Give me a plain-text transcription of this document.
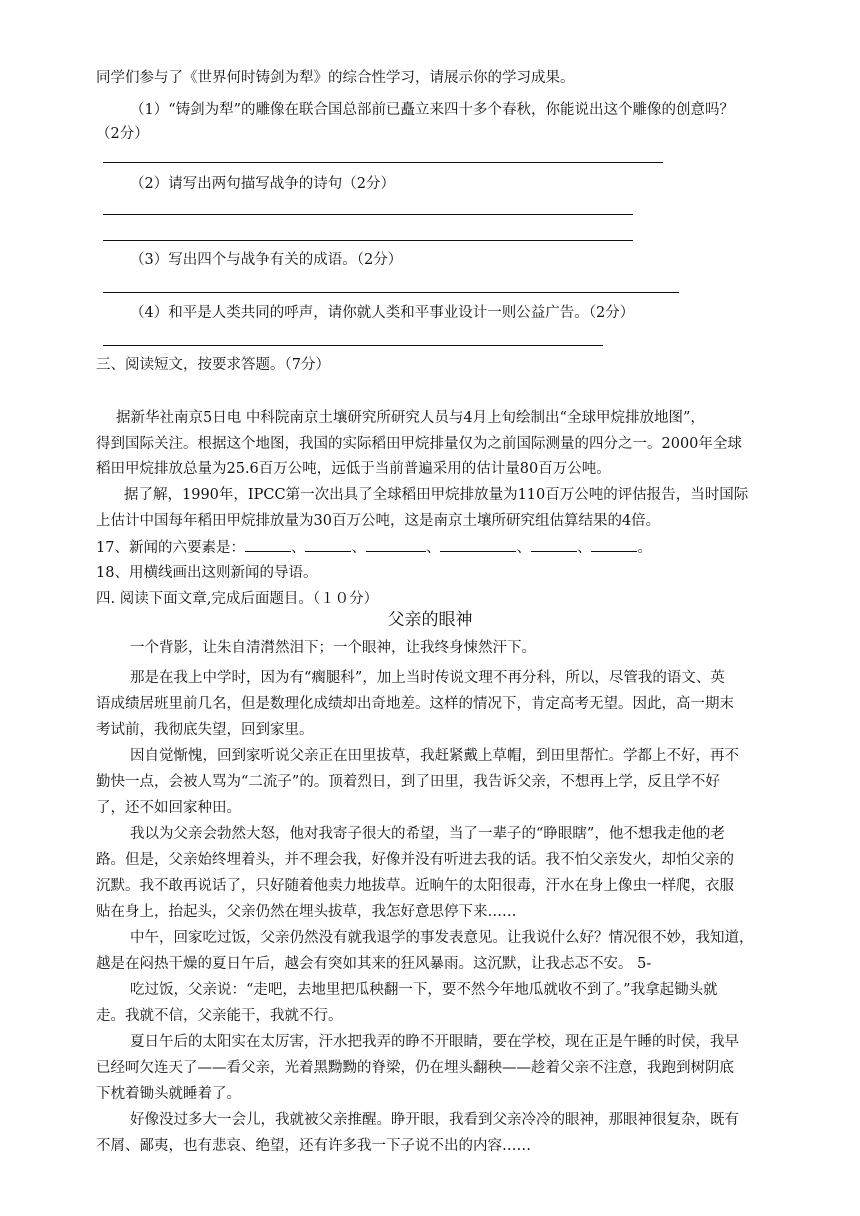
同学们参与了《世界何时铸剑为犁》的综合性学习，请展示你的学习成果。
（1）“铸剑为犁”的雕像在联合国总部前已矗立来四十多个春秋，你能说出这个雕像的创意吗？
（2分）
（2）请写出两句描写战争的诗句（2分）
（3）写出四个与战争有关的成语。（2分）
（4）和平是人类共同的呼声，请你就人类和平事业设计一则公益广告。（2分）
三、阅读短文，按要求答题。（7分）
据新华社南京5日电 中科院南京土壤研究所研究人员与4月上旬绘制出“全球甲烷排放地图”，
得到国际关注。根据这个地图，我国的实际稻田甲烷排量仅为之前国际测量的四分之一。2000年全球
稻田甲烷排放总量为25.6百万公吨，远低于当前普遍采用的估计量80百万公吨。
据了解，1990年，IPCC第一次出具了全球稻田甲烷排放量为110百万公吨的评估报告，当时国际
上估计中国每年稻田甲烷排放量为30百万公吨，这是南京土壤所研究组估算结果的4倍。
17、新闻的六要素是：	、	、	、	、	、	。
18、用横线画出这则新闻的导语。
四. 阅读下面文章,完成后面题目。（１０分）
父亲的眼神
一个背影，让朱自清潸然泪下；一个眼神，让我终身悚然汗下。
那是在我上中学时，因为有“瘸腿科”，加上当时传说文理不再分科，所以，尽管我的语文、英
语成绩居班里前几名，但是数理化成绩却出奇地差。这样的情况下，肯定高考无望。因此，高一期末
考试前，我彻底失望，回到家里。
因自觉惭愧，回到家听说父亲正在田里拔草，我赶紧戴上草帽，到田里帮忙。学都上不好，再不
勤快一点，会被人骂为“二流子”的。顶着烈日，到了田里，我告诉父亲，不想再上学，反且学不好
了，还不如回家种田。
我以为父亲会勃然大怒，他对我寄子很大的希望，当了一辈子的“睁眼瞎”，他不想我走他的老
路。但是，父亲始终埋着头，并不理会我，好像并没有听进去我的话。我不怕父亲发火，却怕父亲的
沉默。我不敢再说话了，只好随着他卖力地拔草。近晌午的太阳很毒，汗水在身上像虫一样爬，衣服
贴在身上，抬起头，父亲仍然在埋头拔草，我怎好意思停下来……
中午，回家吃过饭，父亲仍然没有就我退学的事发表意见。让我说什么好？情况很不妙，我知道，
越是在闷热干燥的夏日午后，越会有突如其来的狂风暴雨。这沉默，让我忐忑不安。 5-
吃过饭，父亲说：“走吧，去地里把瓜秧翻一下，要不然今年地瓜就收不到了。”我拿起锄头就
走。我就不信，父亲能干，我就不行。
夏日午后的太阳实在太厉害，汗水把我弄的睁不开眼睛，要在学校，现在正是午睡的时侯，我早
已经呵欠连天了——看父亲，光着黑黝黝的脊梁，仍在埋头翻秧——趁着父亲不注意，我跑到树阴底
下枕着锄头就睡着了。
好像没过多大一会儿，我就被父亲推醒。睁开眼，我看到父亲冷冷的眼神，那眼神很复杂，既有
不屑、鄙夷，也有悲哀、绝望，还有许多我一下子说不出的内容……
